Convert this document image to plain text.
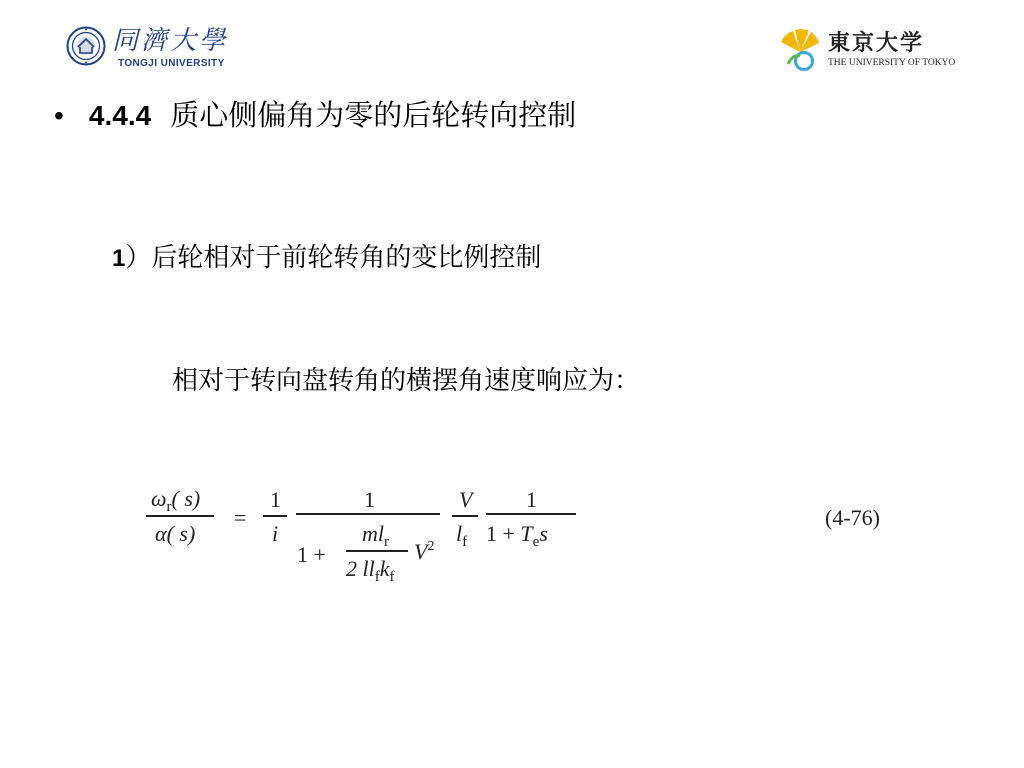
同濟大學
TONGJI UNIVERSITY
東京大学
THE UNIVERSITY OF TOKYO
• 4.4.4 质心侧偏角为零的后轮转向控制
1）后轮相对于前轮转角的变比例控制
相对于转向盘转角的横摆角速度响应为：
$\omega_r$( s)
α( s)
=
1
i
1
1 +
$ml_r$
2 $ll_fk_f$
$V^2$
V
$l_f$
1
$1 + T_es$
(4-76)
